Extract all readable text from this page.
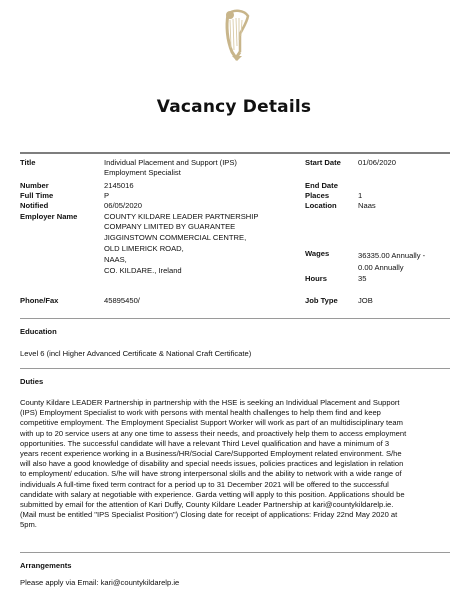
Vacancy Details
Title	Individual Placement and Support (IPS)
Employment Specialist
Number	2145016
Full Time	P
Notified	06/05/2020
Employer Name	COUNTY KILDARE LEADER PARTNERSHIP
COMPANY LIMITED BY GUARANTEE
JIGGINSTOWN COMMERCIAL CENTRE,
OLD LIMERICK ROAD,
NAAS,
CO. KILDARE., Ireland
Phone/Fax	45895450/
Start Date 01/06/2020
End Date
Places	1
Location	Naas
Wages	36335.00 Annually -
0.00 Annually
Hours	35
Job Type	JOB
Education
Level 6 (incl Higher Advanced Certificate & National Craft Certificate)
Duties
County Kildare LEADER Partnership in partnership with the HSE is seeking an Individual Placement and Support
(IPS) Employment Specialist to work with persons with mental health challenges to help them find and keep
competitive employment. The Employment Specialist Support Worker will work as part of an multidisciplinary team
with up to 20 service users at any one time to assess their needs, and proactively help them to access employment
opportunities. The successful candidate will have a relevant Third Level qualification and have a minimum of 3
years recent experience working in a Business/HR/Social Care/Supported Employment related environment. S/he
will also have a good knowledge of disability and special needs issues, policies practices and legislation in relation
to employment/ education. S/he will have strong interpersonal skills and the ability to network with a wide range of
individuals A full-time fixed term contract for a period up to 31 December 2021 will be offered to the successful
candidate with salary at negotiable with experience. Garda vetting will apply to this position. Applications should be
submitted by email for the attention of Kari Duffy, County Kildare Leader Partnership at kari@countykildarelp.ie.
(Mail must be entitled "IPS Specialist Position") Closing date for receipt of applications: Friday 22nd May 2020 at
5pm.
Arrangements
Please apply via Email: kari@countykildarelp.ie
